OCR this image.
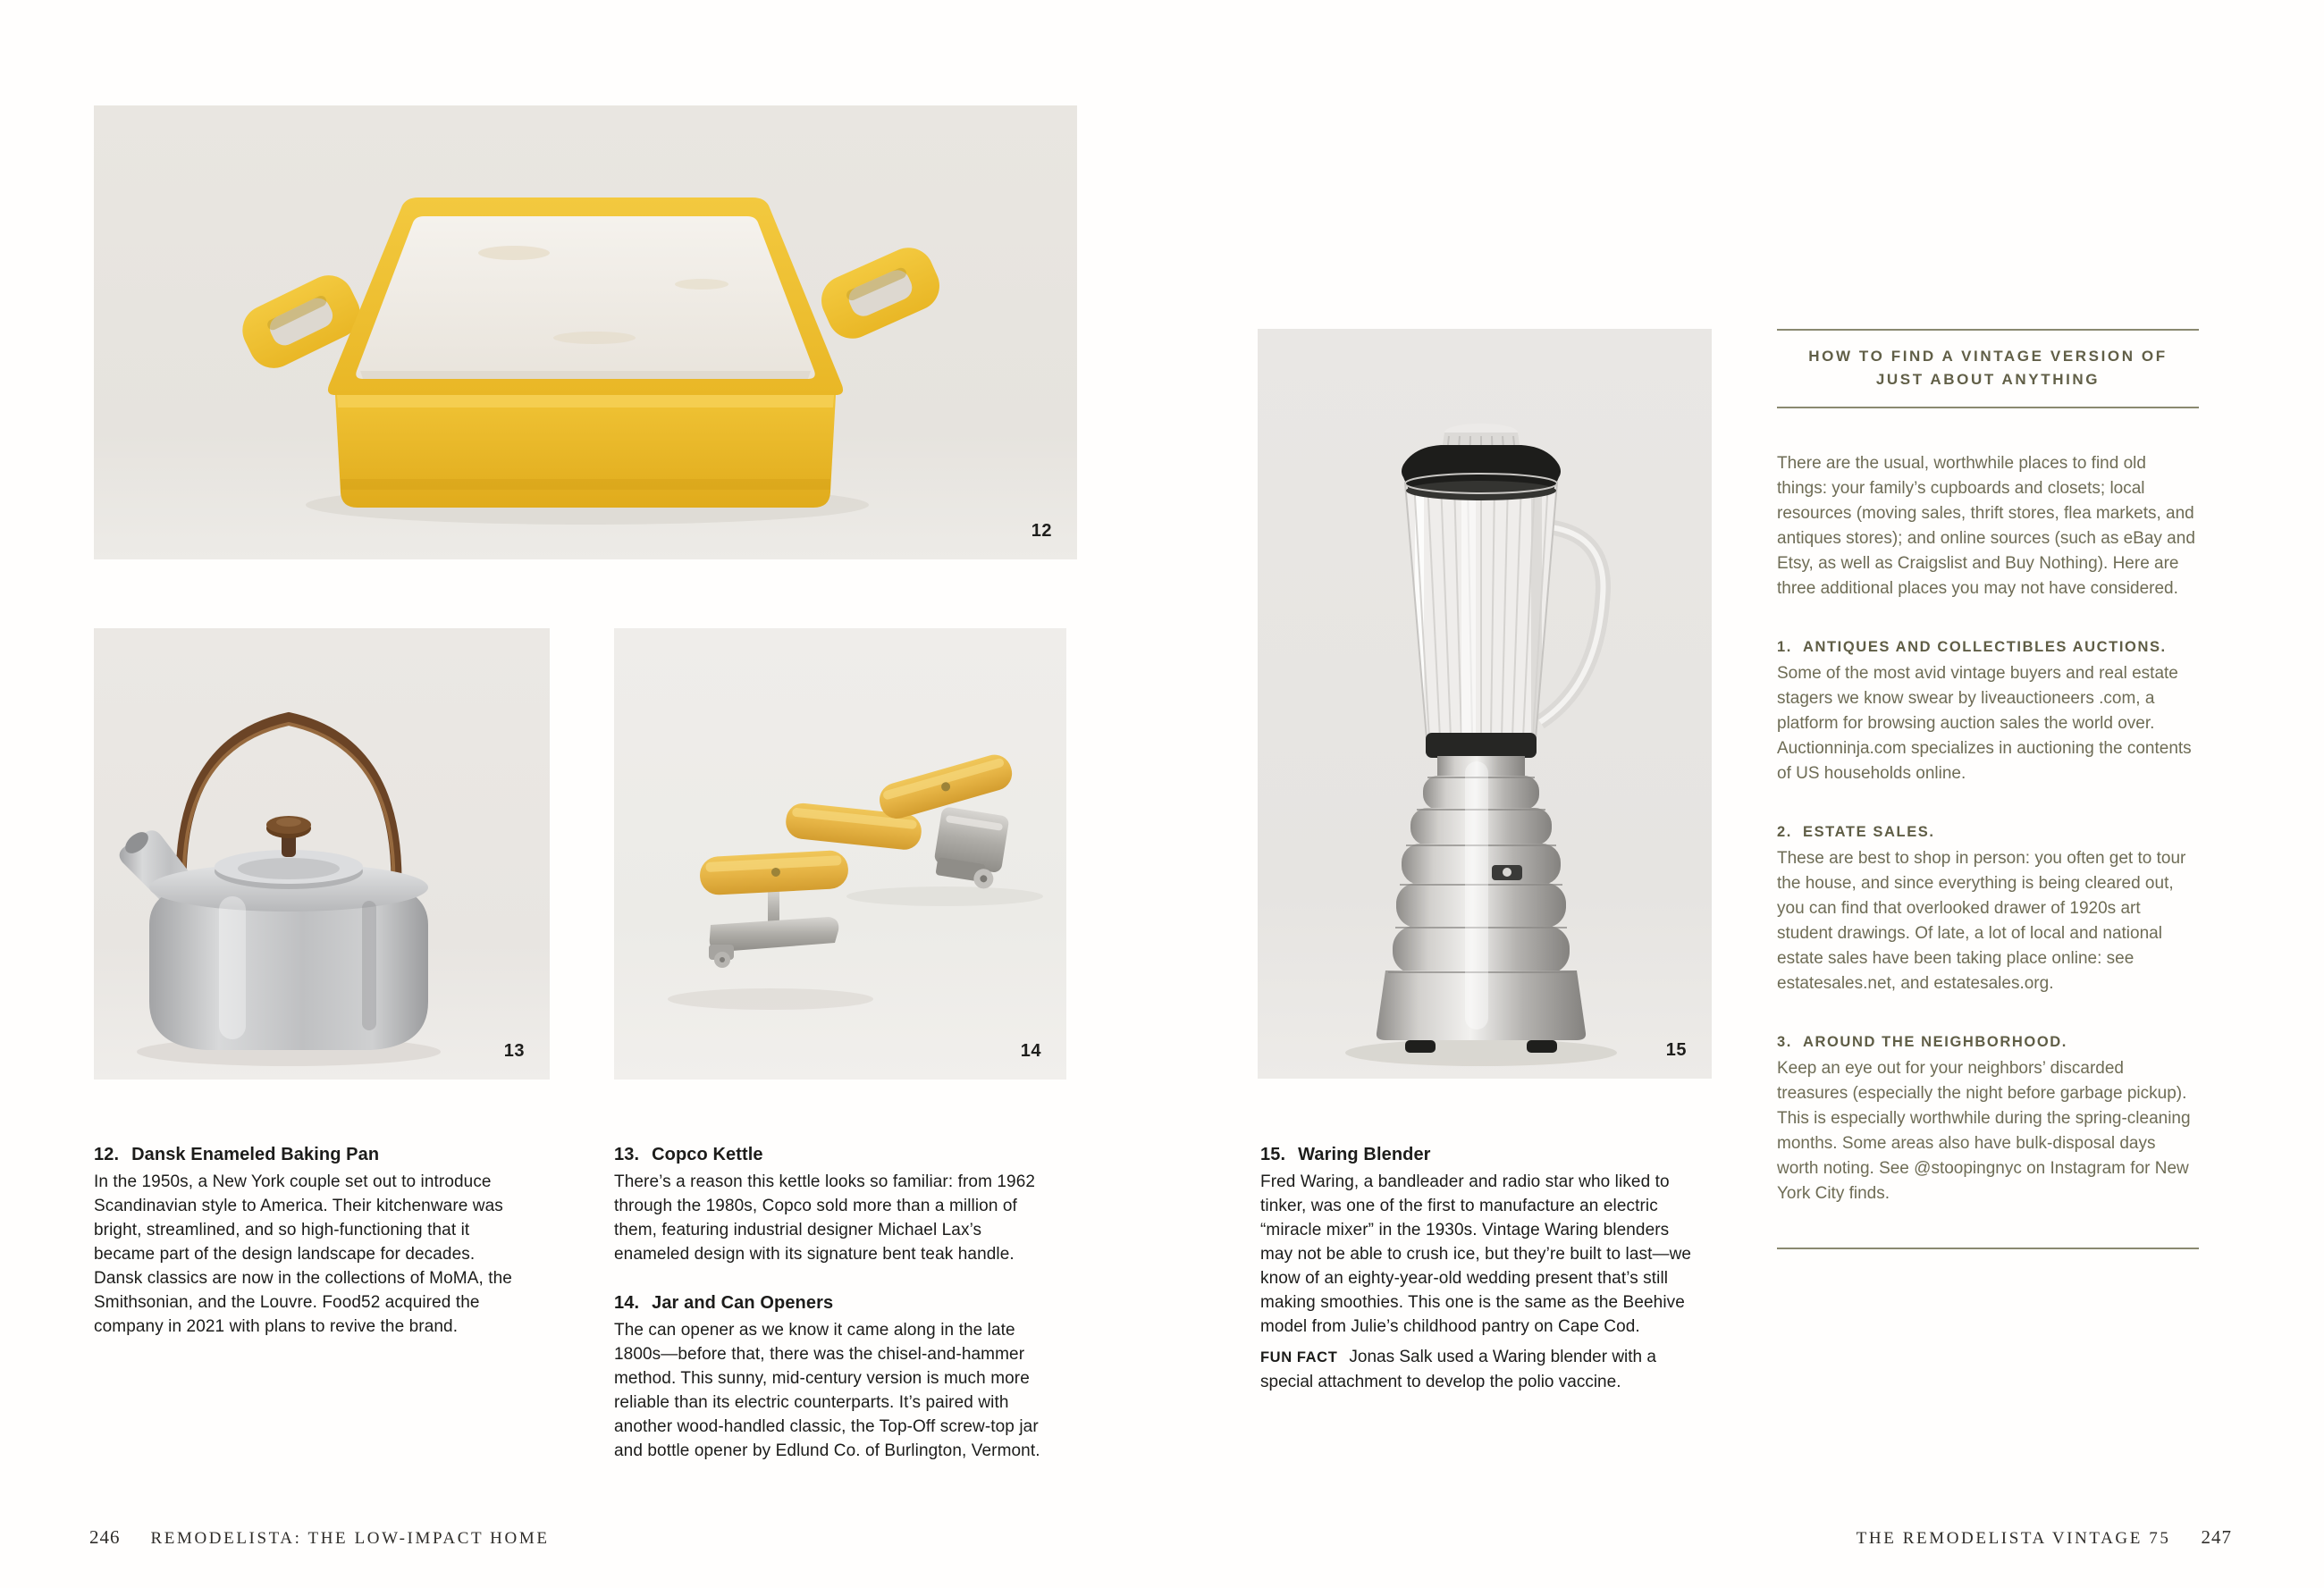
12
13	14

12. Dansk Enameled Baking Pan

In the 1950s, a New York couple set out to introduce Scandinavian style to America. Their kitchenware was bright, streamlined, and so high-functioning that it became part of the design landscape for decades. Dansk classics are now in the collections of MoMA, the Smithsonian, and the Louvre. Food52 acquired the company in 2021 with plans to revive the brand.

13. Copco Kettle

There’s a reason this kettle looks so familiar: from 1962 through the 1980s, Copco sold more than a million of them, featuring industrial designer Michael Lax’s enameled design with its signature bent teak handle.

14. Jar and Can Openers

The can opener as we know it came along in the late 1800s—before that, there was the chisel-and-hammer method. This sunny, mid-century version is much more reliable than its electric counterparts. It’s paired with another wood-handled classic, the Top-Off screw-top jar and bottle opener by Edlund Co. of Burlington, Vermont.

246 REMODELISTA: THE LOW-IMPACT HOME
15

15. Waring Blender

Fred Waring, a bandleader and radio star who liked to tinker, was one of the first to manufacture an electric “miracle mixer” in the 1930s. Vintage Waring blenders may not be able to crush ice, but they’re built to last—we know of an eighty-year-old wedding present that’s still making smoothies. This one is the same as the Beehive model from Julie’s childhood pantry on Cape Cod.

FUN FACT Jonas Salk used a Waring blender with a special attachment to develop the polio vaccine.

HOW TO FIND A VINTAGE VERSION OF
JUST ABOUT ANYTHING

There are the usual, worthwhile places to find old things: your family’s cupboards and closets; local resources (moving sales, thrift stores, flea markets, and antiques stores); and online sources (such as eBay and Etsy, as well as Craigslist and Buy Nothing). Here are three additional places you may not have considered.

1. ANTIQUES AND COLLECTIBLES AUCTIONS.

Some of the most avid vintage buyers and real estate stagers we know swear by liveauctioneers .com, a platform for browsing auction sales the world over. Auctionninja.com specializes in auctioning the contents of US households online.

2. ESTATE SALES.

These are best to shop in person: you often get to tour the house, and since everything is being cleared out, you can find that overlooked drawer of 1920s art student drawings. Of late, a lot of local and national estate sales have been taking place online: see estatesales.net, and estatesales.org.

3. AROUND THE NEIGHBORHOOD.

Keep an eye out for your neighbors’ discarded treasures (especially the night before garbage pickup). This is especially worthwhile during the spring-cleaning months. Some areas also have bulk-disposal days worth noting. See @stoopingnyc on Instagram for New York City finds.

THE REMODELISTA VINTAGE 75 247
